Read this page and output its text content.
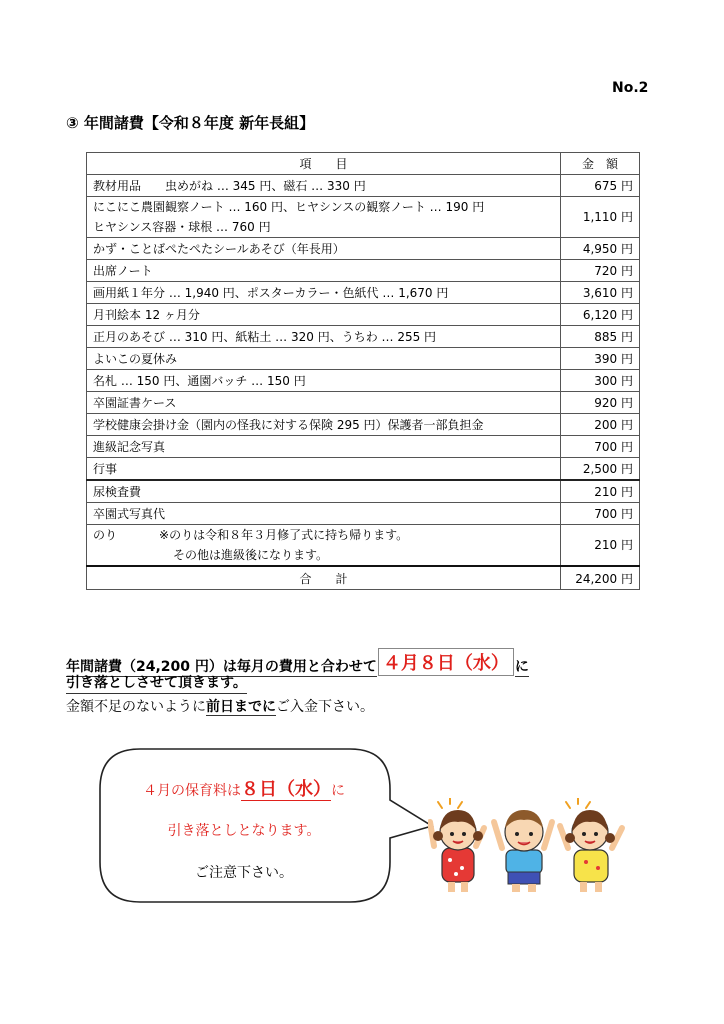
No.2
③ 年間諸費【令和８年度 新年長組】
項　　目	金　額
教材用品　　虫めがね … 345 円、磁石 … 330 円	675 円

にこにこ農園観察ノート … 160 円、ヒヤシンスの観察ノート … 190 円
ヒヤシンス容器・球根 … 760 円	1,110 円
かず・ことばぺたぺたシールあそび（年長用）	4,950 円
出席ノート	720 円
画用紙１年分 … 1,940 円、ポスターカラー・色紙代 … 1,670 円	3,610 円
月刊絵本 12 ヶ月分	6,120 円
正月のあそび … 310 円、紙粘土 … 320 円、うちわ … 255 円	885 円
よいこの夏休み	390 円
名札 … 150 円、通園バッチ … 150 円	300 円
卒園証書ケース	920 円
学校健康会掛け金（園内の怪我に対する保険 295 円）保護者一部負担金	200 円
進級記念写真	700 円
行事	2,500 円
尿検査費	210 円
卒園式写真代	700 円

のり ※のりは令和８年３月修了式に持ち帰ります。
その他は進級後になります。	210 円
合　　計	24,200 円
年間諸費（24,200 円）は毎月の費用と合わせて ４月８日（水） に
引き落としさせて頂きます。
金額不足のないように前日までにご入金下さい。
４月の保育料は８日（水）に
引き落としとなります。
ご注意下さい。
